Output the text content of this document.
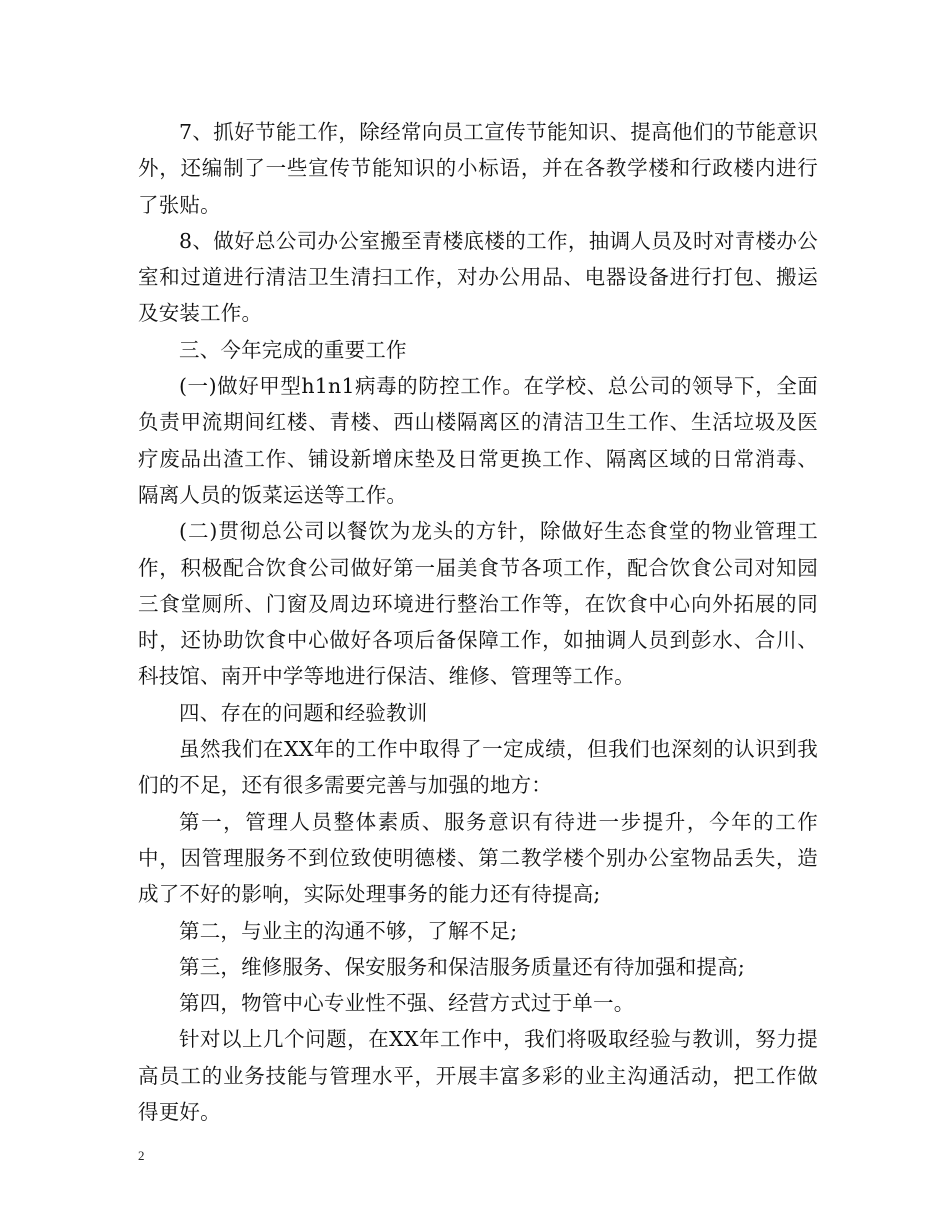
7、抓好节能工作，除经常向员工宣传节能知识、提高他们的节能意识外，还编制了一些宣传节能知识的小标语，并在各教学楼和行政楼内进行了张贴。

8、做好总公司办公室搬至青楼底楼的工作，抽调人员及时对青楼办公室和过道进行清洁卫生清扫工作，对办公用品、电器设备进行打包、搬运及安装工作。

三、今年完成的重要工作

(一)做好甲型h1n1病毒的防控工作。在学校、总公司的领导下，全面负责甲流期间红楼、青楼、西山楼隔离区的清洁卫生工作、生活垃圾及医疗废品出渣工作、铺设新增床垫及日常更换工作、隔离区域的日常消毒、隔离人员的饭菜运送等工作。

(二)贯彻总公司以餐饮为龙头的方针，除做好生态食堂的物业管理工作，积极配合饮食公司做好第一届美食节各项工作，配合饮食公司对知园三食堂厕所、门窗及周边环境进行整治工作等，在饮食中心向外拓展的同时，还协助饮食中心做好各项后备保障工作，如抽调人员到彭水、合川、科技馆、南开中学等地进行保洁、维修、管理等工作。

四、存在的问题和经验教训

虽然我们在XX年的工作中取得了一定成绩，但我们也深刻的认识到我们的不足，还有很多需要完善与加强的地方：

第一，管理人员整体素质、服务意识有待进一步提升，今年的工作中，因管理服务不到位致使明德楼、第二教学楼个别办公室物品丢失，造成了不好的影响，实际处理事务的能力还有待提高;

第二，与业主的沟通不够，了解不足;

第三，维修服务、保安服务和保洁服务质量还有待加强和提高;

第四，物管中心专业性不强、经营方式过于单一。

针对以上几个问题，在XX年工作中，我们将吸取经验与教训，努力提高员工的业务技能与管理水平，开展丰富多彩的业主沟通活动，把工作做得更好。

2
